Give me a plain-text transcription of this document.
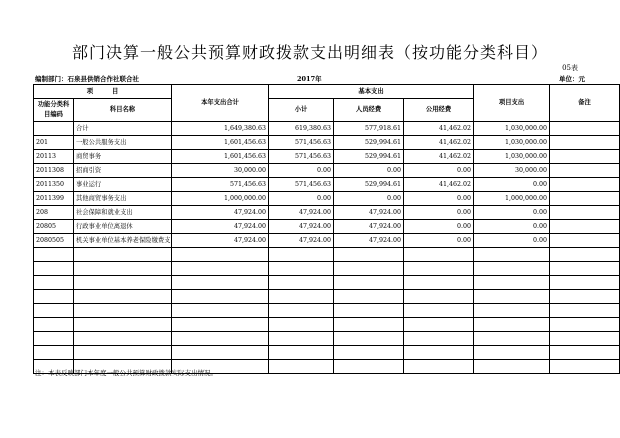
部门决算一般公共预算财政拨款支出明细表（按功能分类科目）
05表
编制部门：石泉县供销合作社联合社	2017年	单位：元
项　　　目		本年支出合计	基本支出			项目支出	备注
功能分类科目编码	科目名称		小计	人员经费	公用经费		

	合计	1,649,380.63	619,380.63	577,918.61	41,462.02	1,030,000.00	
201	一般公共服务支出	1,601,456.63	571,456.63	529,994.61	41,462.02	1,030,000.00	
20113	商贸事务	1,601,456.63	571,456.63	529,994.61	41,462.02	1,030,000.00	
2011308	招商引资	30,000.00	0.00	0.00	0.00	30,000.00	
2011350	事业运行	571,456.63	571,456.63	529,994.61	41,462.02	0.00	
2011399	其他商贸事务支出	1,000,000.00	0.00	0.00	0.00	1,000,000.00	
208	社会保障和就业支出	47,924.00	47,924.00	47,924.00	0.00	0.00	
20805	行政事业单位离退休	47,924.00	47,924.00	47,924.00	0.00	0.00	
2080505	机关事业单位基本养老保险缴费支	47,924.00	47,924.00	47,924.00	0.00	0.00	

注：本表反映部门本年度一般公共预算财政拨款实际支出情况。
